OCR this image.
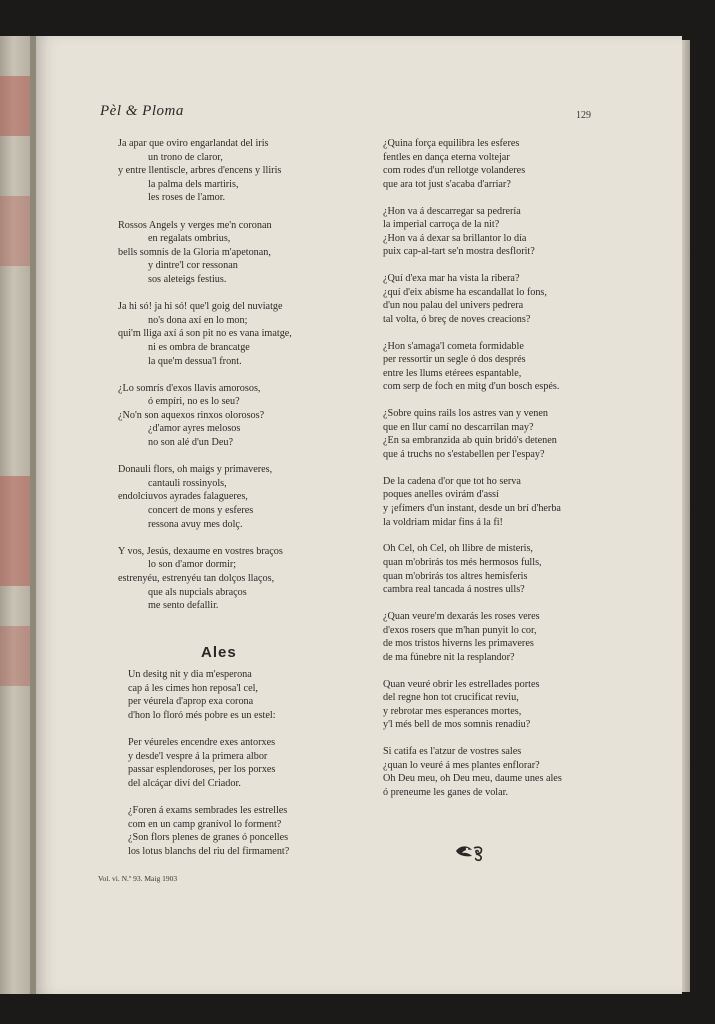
Pèl & Ploma	129
Ja apar que oviro engarlandat del iris
un trono de claror,
y entre llentiscle, arbres d'encens y lliris
la palma dels martiris,
les roses de l'amor.
Rossos Angels y verges me'n coronan
en regalats ombrius,
bells somnis de la Gloria m'apetonan,
y dintre'l cor ressonan
sos aleteigs festius.
Ja hi só! ja hi só! que'l goig del nuviatge
no's dona axí en lo mon;
qui'm lliga axí á son pit no es vana imatge,
ni es ombra de brancatge
la que'm dessua'l front.
¿Lo somrís d'exos llavis amorosos,
ó empíri, no es lo seu?
¿No'n son aquexos rinxos olorosos?
¿d'amor ayres melosos
no son alé d'un Deu?
Donauli flors, oh maigs y primaveres,
cantauli rossinyols,
endolciuvos ayrades falagueres,
concert de mons y esferes
ressona avuy mes dolç.
Y vos, Jesús, dexaume en vostres braços
lo son d'amor dormir;
estrenyéu, estrenyéu tan dolços llaços,
que als nupcials abraços
me sento defallir.
Ales
Un desitg nit y dia m'esperona
cap á les cimes hon reposa'l cel,
per véurela d'aprop exa corona
d'hon lo floró més pobre es un estel:
Per véureles encendre exes antorxes
y desde'l vespre á la primera albor
passar esplendoroses, per los porxes
del alcáçar diví del Criador.
¿Foren á exams sembrades les estrelles
com en un camp granívol lo forment?
¿Son flors plenes de granes ó poncelles
los lotus blanchs del riu del firmament?
¿Quina força equilibra les esferes
fentles en dança eterna voltejar
com rodes d'un rellotge volanderes
que ara tot just s'acaba d'arriar?
¿Hon va á descarregar sa pedrería
la imperial carroça de la nit?
¿Hon va á dexar sa brillantor lo día
puix cap-al-tart se'n mostra desflorit?
¿Quí d'exa mar ha vista la ribera?
¿quí d'eix abisme ha escandallat lo fons,
d'un nou palau del univers pedrera
tal volta, ó breç de noves creacions?
¿Hon s'amaga'l cometa formidable
per ressortir un segle ó dos després
entre les llums etérees espantable,
com serp de foch en mitg d'un bosch espés.
¿Sobre quins rails los astres van y venen
que en llur camí no descarrilan may?
¿En sa embranzida ab quin bridó's detenen
que á truchs no s'estabellen per l'espay?
De la cadena d'or que tot ho serva
poques anelles ovirám d'assí
y ¡efímers d'un instant, desde un brí d'herba
la voldriam midar fins á la fi!
Oh Cel, oh Cel, oh llibre de misteris,
quan m'obrirás tos més hermosos fulls,
quan m'obrirás tos altres hemisferis
cambra real tancada á nostres ulls?
¿Quan veure'm dexarás les roses veres
d'exos rosers que m'han punyit lo cor,
de mos tristos hiverns les primaveres
de ma fúnebre nit la resplandor?
Quan veuré obrir les estrellades portes
del regne hon tot crucificat reviu,
y rebrotar mes esperances mortes,
y'l més bell de mos somnis renadiu?
Si catifa es l'atzur de vostres sales
¿quan lo veuré á mes plantes enflorar?
Oh Deu meu, oh Deu meu, daume unes ales
ó preneume les ganes de volar.
Vol. vi. N.º 93. Maig 1903
